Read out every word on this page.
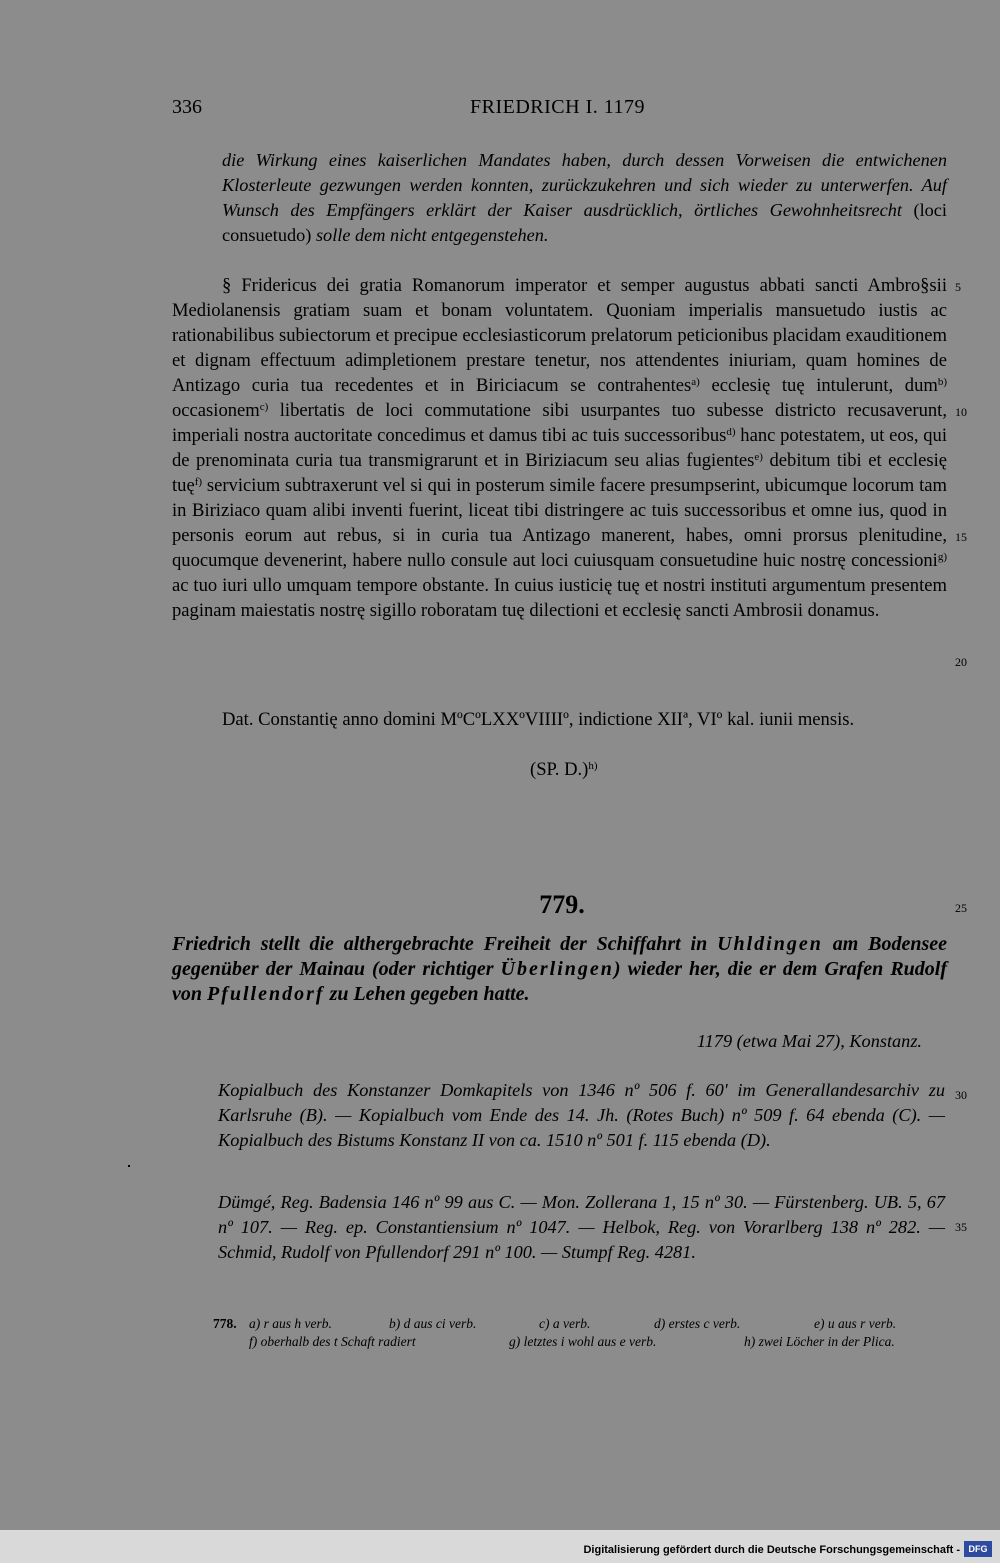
336	FRIEDRICH I. 1179
die Wirkung eines kaiserlichen Mandates haben, durch dessen Vorweisen die entwichenen Klosterleute gezwungen werden konnten, zurückzukehren und sich wieder zu unterwerfen. Auf Wunsch des Empfängers erklärt der Kaiser ausdrücklich, örtliches Gewohnheitsrecht (loci consuetudo) solle dem nicht entgegenstehen.

§ Fridericus dei gratia Romanorum imperator et semper augustus abbati sancti Ambro§sii Mediolanensis gratiam suam et bonam voluntatem. Quoniam imperialis mansuetudo iustis ac rationabilibus subiectorum et precipue ecclesiasticorum prelatorum peticionibus placidam exauditionem et dignam effectuum adimpletionem prestare tenetur, nos attendentes iniuriam, quam homines de Antizago curia tua recedentes et in Biriciacum se contrahentes$^{a)}$ ecclesię tuę intulerunt, dum$^{b)}$ occasionem$^{c)}$ libertatis de loci commutatione sibi usurpantes tuo subesse districto recusaverunt, imperiali nostra auctoritate concedimus et damus tibi ac tuis successoribus$^{d)}$ hanc potestatem, ut eos, qui de prenominata curia tua transmigrarunt et in Biriziacum seu alias fugientes$^{e)}$ debitum tibi et ecclesię tuę$^{f)}$ servicium subtraxerunt vel si qui in posterum simile facere presumpserint, ubicumque locorum tam in Biriziaco quam alibi inventi fuerint, liceat tibi distringere ac tuis successoribus et omne ius, quod in personis eorum aut rebus, si in curia tua Antizago manerent, habes, omni prorsus plenitudine, quocumque devenerint, habere nullo consule aut loci cuiusquam consuetudine huic nostrę concessioni$^{g)}$ ac tuo iuri ullo umquam tempore obstante. In cuius iusticię tuę et nostri instituti argumentum presentem paginam maiestatis nostrę sigillo roboratam tuę dilectioni et ecclesię sancti Ambrosii donamus.

Dat. Constantię anno domini MºCºLXXºVIIIIº, indictione XIIª, VIº kal. iunii mensis.
(SP. D.)$^{h)}$
779.
Friedrich stellt die althergebrachte Freiheit der Schiffahrt in Uhldingen am Bodensee gegenüber der Mainau (oder richtiger Überlingen) wieder her, die er dem Grafen Rudolf von Pfullendorf zu Lehen gegeben hatte.
1179 (etwa Mai 27), Konstanz.
Kopialbuch des Konstanzer Domkapitels von 1346 nº 506 f. 60' im Generallandesarchiv zu Karlsruhe (B). — Kopialbuch vom Ende des 14. Jh. (Rotes Buch) nº 509 f. 64 ebenda (C). — Kopialbuch des Bistums Konstanz II von ca. 1510 nº 501 f. 115 ebenda (D).
Dümgé, Reg. Badensia 146 nº 99 aus C. — Mon. Zollerana 1, 15 nº 30. — Fürstenberg. UB. 5, 67 nº 107. — Reg. ep. Constantiensium nº 1047. — Helbok, Reg. von Vorarlberg 138 nº 282. — Schmid, Rudolf von Pfullendorf 291 nº 100. — Stumpf Reg. 4281.
778. a) r aus h verb.	b) d aus ci verb.	c) a verb.	d) erstes c verb.	e) u aus r verb.
f) oberhalb des t Schaft radiert	g) letztes i wohl aus e verb.	h) zwei Löcher in der Plica.
5
10
15
20
25
30
35
Digitalisierung gefördert durch die Deutsche Forschungsgemeinschaft - DFG
